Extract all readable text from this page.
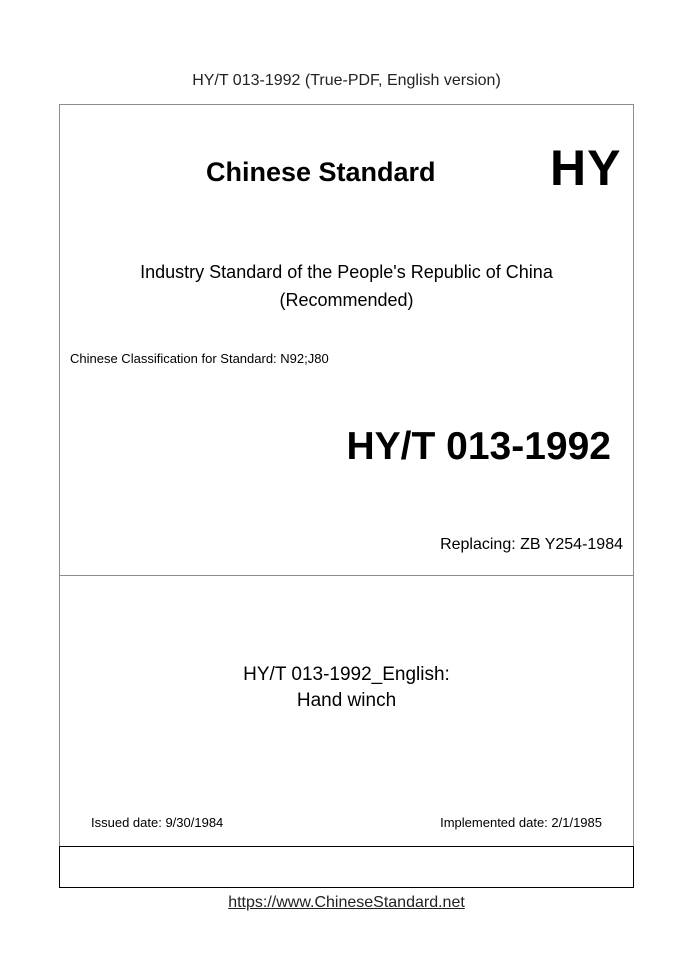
HY/T 013-1992 (True-PDF, English version)
Chinese Standard HY
Industry Standard of the People's Republic of China
(Recommended)
Chinese Classification for Standard: N92;J80
HY/T 013-1992
Replacing: ZB Y254-1984
HY/T 013-1992_English:
Hand winch
Issued date: 9/30/1984	Implemented date: 2/1/1985
https://www.ChineseStandard.net
